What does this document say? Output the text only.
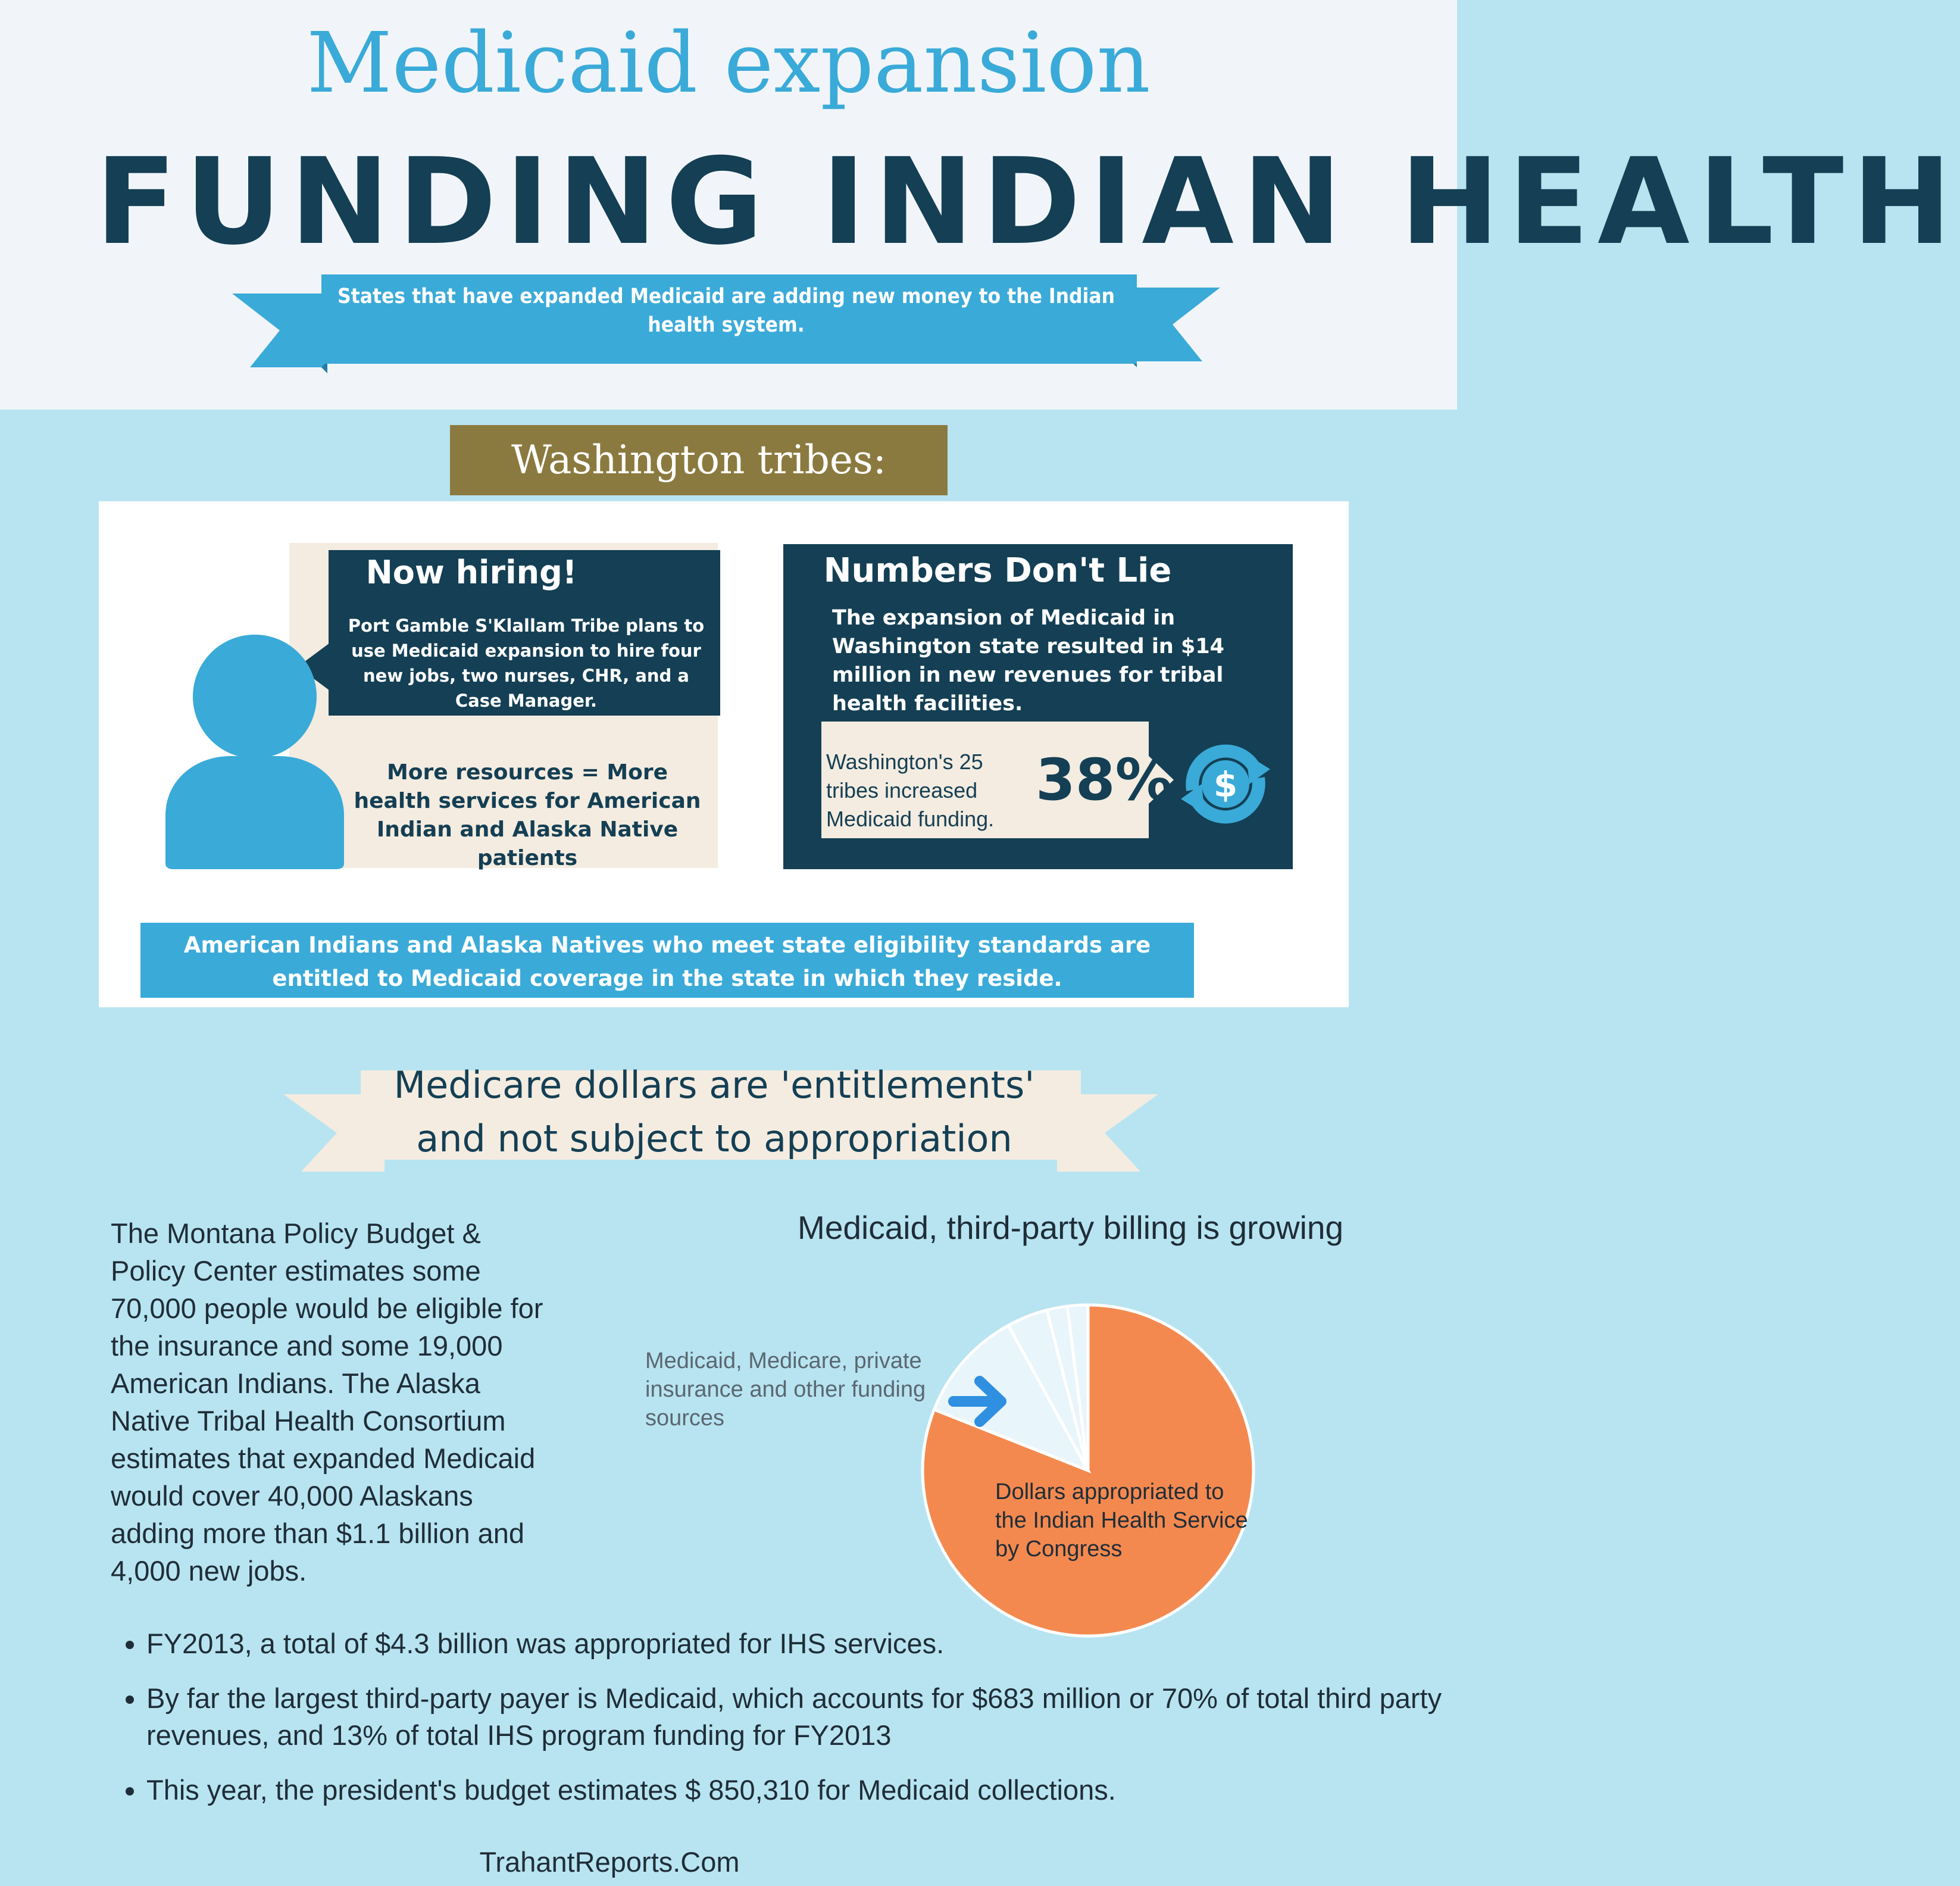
Medicaid expansion
FUNDING INDIAN HEALTH
States that have expanded Medicaid are adding new money to the Indian health system.
Washington tribes:
Now hiring!
Port Gamble S'Klallam Tribe plans to use Medicaid expansion to hire four new jobs, two nurses, CHR, and a Case Manager.
More resources = More health services for American Indian and Alaska Native patients
Numbers Don't Lie
The expansion of Medicaid in Washington state resulted in $14 million in new revenues for tribal health facilities.
Washington's 25 tribes increased Medicaid funding.
38% $
American Indians and Alaska Natives who meet state eligibility standards are entitled to Medicaid coverage in the state in which they reside.
Medicare dollars are 'entitlements' and not subject to appropriation
The Montana Policy Budget & Policy Center estimates some 70,000 people would be eligible for the insurance and some 19,000 American Indians. The Alaska Native Tribal Health Consortium estimates that expanded Medicaid would cover 40,000 Alaskans adding more than $1.1 billion and 4,000 new jobs.
Medicaid, third-party billing is growing
Medicaid, Medicare, private insurance and other funding sources
Dollars appropriated to the Indian Health Service by Congress
• FY2013, a total of $4.3 billion was appropriated for IHS services.
• By far the largest third-party payer is Medicaid, which accounts for $683 million or 70% of total third party revenues, and 13% of total IHS program funding for FY2013
• This year, the president's budget estimates $ 850,310 for Medicaid collections.
TrahantReports.Com
